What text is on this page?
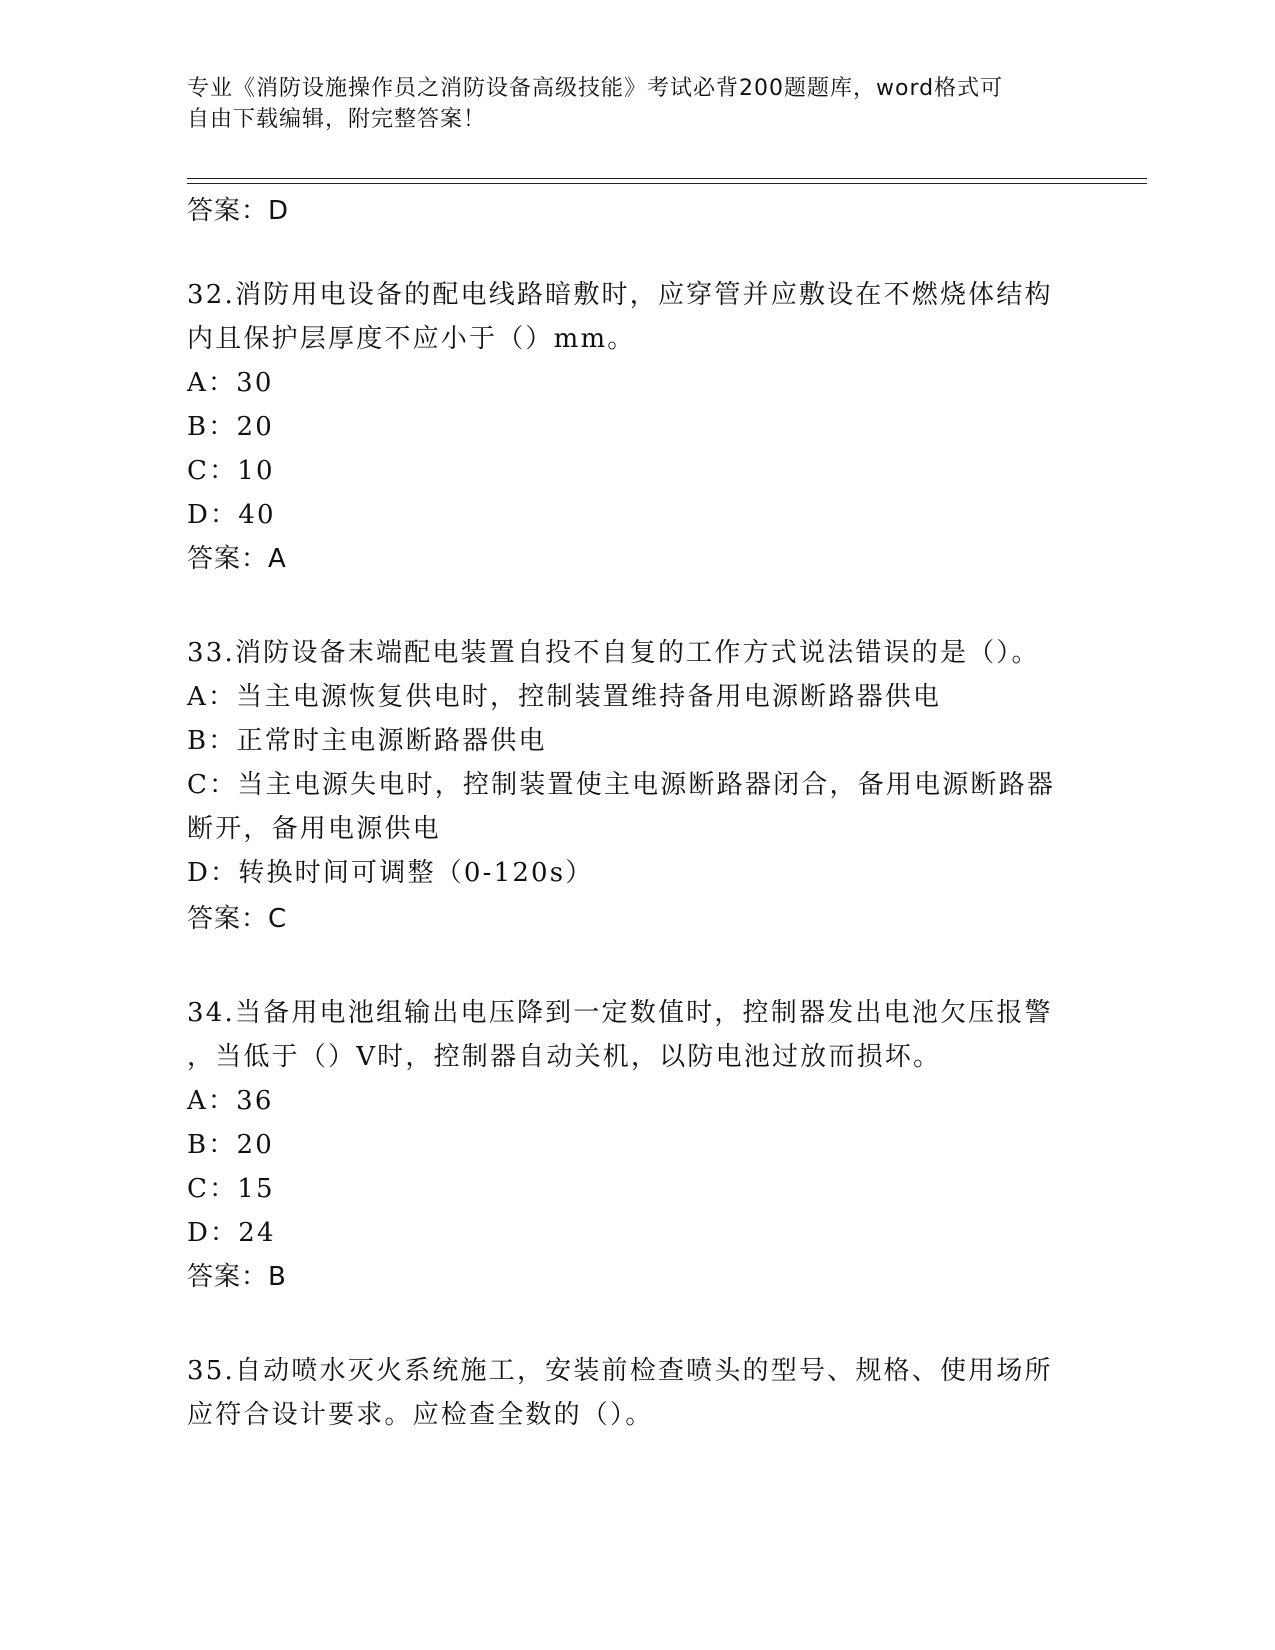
专业《消防设施操作员之消防设备高级技能》考试必背200题题库，word格式可
自由下载编辑，附完整答案！
答案：D
32.消防用电设备的配电线路暗敷时，应穿管并应敷设在不燃烧体结构
内且保护层厚度不应小于（）mm。
A：30
B：20
C：10
D：40
答案：A
33.消防设备末端配电装置自投不自复的工作方式说法错误的是（）。
A：当主电源恢复供电时，控制装置维持备用电源断路器供电
B：正常时主电源断路器供电
C：当主电源失电时，控制装置使主电源断路器闭合，备用电源断路器
断开，备用电源供电
D：转换时间可调整（0-120s）
答案：C
34.当备用电池组输出电压降到一定数值时，控制器发出电池欠压报警
，当低于（）V时，控制器自动关机，以防电池过放而损坏。
A：36
B：20
C：15
D：24
答案：B
35.自动喷水灭火系统施工，安装前检查喷头的型号、规格、使用场所
应符合设计要求。应检查全数的（）。
